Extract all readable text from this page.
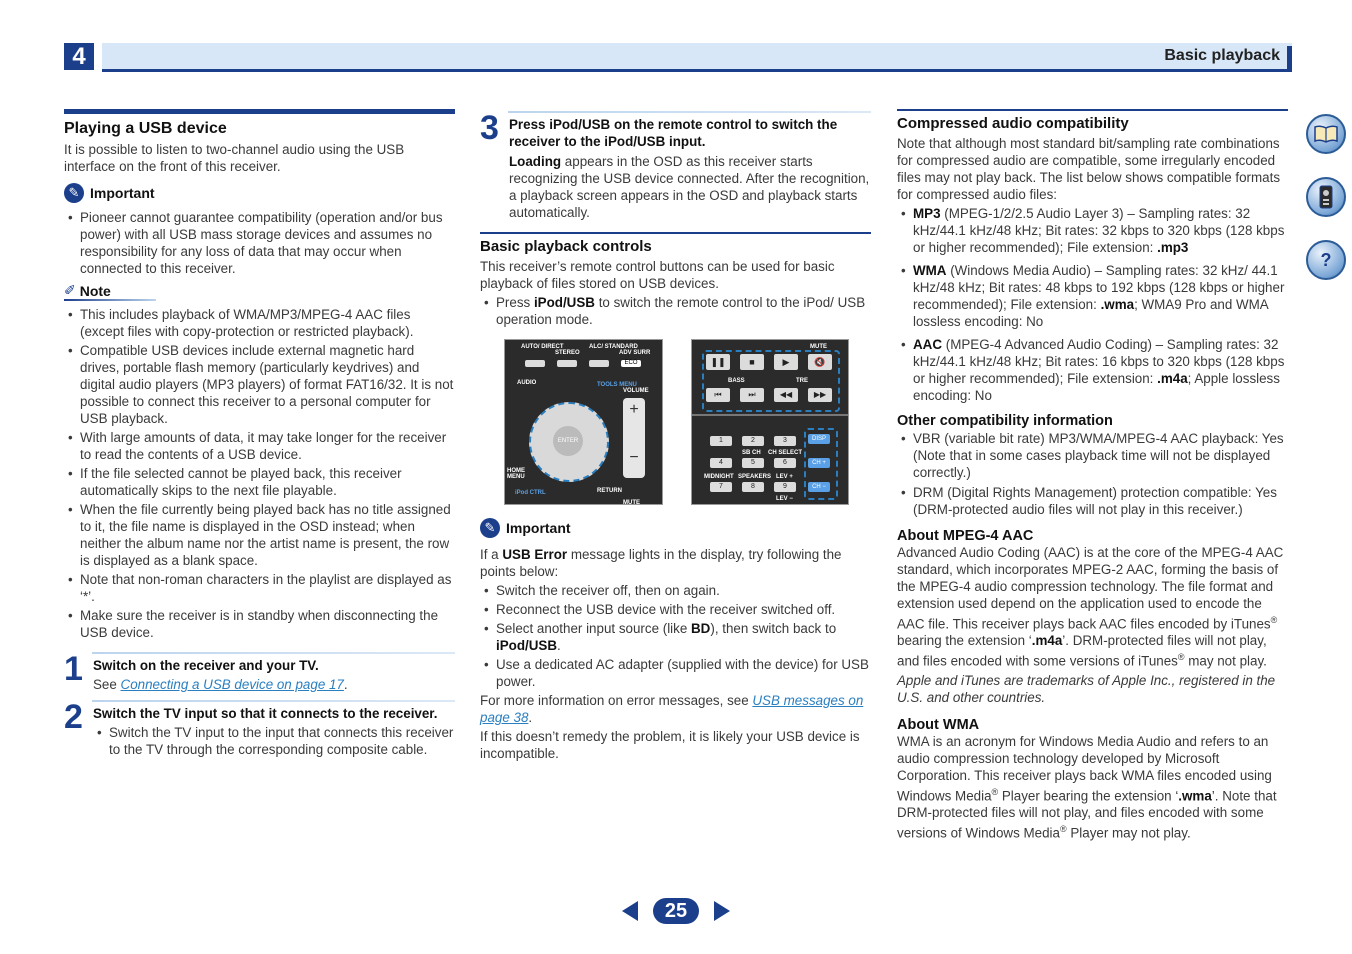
4	Basic playback
Playing a USB device

It is possible to listen to two-channel audio using the USB interface on the front of this receiver.

✎ Important
• Pioneer cannot guarantee compatibility (operation and/or bus power) with all USB mass storage devices and assumes no responsibility for any loss of data that may occur when connected to this receiver.
✐ Note
• This includes playback of WMA/MP3/MPEG-4 AAC files (except files with copy-protection or restricted playback).
• Compatible USB devices include external magnetic hard drives, portable flash memory (particularly keydrives) and digital audio players (MP3 players) of format FAT16/32. It is not possible to connect this receiver to a personal computer for USB playback.
• With large amounts of data, it may take longer for the receiver to read the contents of a USB device.
• If the file selected cannot be played back, this receiver automatically skips to the next file playable.
• When the file currently being played back has no title assigned to it, the file name is displayed in the OSD instead; when neither the album name nor the artist name is present, the row is displayed as a blank space.
• Note that non-roman characters in the playlist are displayed as ‘*’.
• Make sure the receiver is in standby when disconnecting the USB device.
1 Switch on the receiver and your TV.
See Connecting a USB device on page 17.
2 Switch the TV input so that it connects to the receiver.
• Switch the TV input to the input that connects this receiver to the TV through the corresponding composite cable.
3 Press iPod/USB on the remote control to switch the receiver to the iPod/USB input.
Loading appears in the OSD as this receiver starts recognizing the USB device connected. After the recognition, a playback screen appears in the OSD and playback starts automatically.
Basic playback controls

This receiver’s remote control buttons can be used for basic playback of files stored on USB devices.

• Press iPod/USB to switch the remote control to the iPod/ USB operation mode.
AUTO/ DIRECT
STEREO
ALC/ STANDARD
ADV SURR
ECO
AUDIO	TOOLS MENU
VOLUME
+

−
ENTER
HOME MENU
RETURN
MUTE
iPod CTRL
MUTE
❚❚	■	▶	🔇
BASS	TRE
⏮	⏭	◀◀	▶▶
1	2	3
SB CH CH SELECT
4	5	6
MIDNIGHT SPEAKERS LEV +
7	8	9
LEV −
DISP
CH +
CH −
✎ Important

If a USB Error message lights in the display, try following the points below:

• Switch the receiver off, then on again.
• Reconnect the USB device with the receiver switched off.
• Select another input source (like BD), then switch back to iPod/USB.
• Use a dedicated AC adapter (supplied with the device) for USB power.

For more information on error messages, see USB messages on page 38.

If this doesn’t remedy the problem, it is likely your USB device is incompatible.

Compressed audio compatibility

Note that although most standard bit/sampling rate combinations for compressed audio are compatible, some irregularly encoded files may not play back. The list below shows compatible formats for compressed audio files:

• MP3 (MPEG-1/2/2.5 Audio Layer 3) – Sampling rates: 32 kHz/44.1 kHz/48 kHz; Bit rates: 32 kbps to 320 kbps (128 kbps or higher recommended); File extension: .mp3
• WMA (Windows Media Audio) – Sampling rates: 32 kHz/ 44.1 kHz/48 kHz; Bit rates: 48 kbps to 192 kbps (128 kbps or higher recommended); File extension: .wma; WMA9 Pro and WMA lossless encoding: No
• AAC (MPEG-4 Advanced Audio Coding) – Sampling rates: 32 kHz/44.1 kHz/48 kHz; Bit rates: 16 kbps to 320 kbps (128 kbps or higher recommended); File extension: .m4a; Apple lossless encoding: No
Other compatibility information
• VBR (variable bit rate) MP3/WMA/MPEG-4 AAC playback: Yes (Note that in some cases playback time will not be displayed correctly.)
• DRM (Digital Rights Management) protection compatible: Yes (DRM-protected audio files will not play in this receiver.)
About MPEG-4 AAC

Advanced Audio Coding (AAC) is at the core of the MPEG-4 AAC standard, which incorporates MPEG-2 AAC, forming the basis of the MPEG-4 audio compression technology. The file format and extension used depend on the application used to encode the AAC file. This receiver plays back AAC files encoded by iTunes® bearing the extension ‘.m4a’. DRM-protected files will not play, and files encoded with some versions of iTunes® may not play.

Apple and iTunes are trademarks of Apple Inc., registered in the U.S. and other countries.

About WMA

WMA is an acronym for Windows Media Audio and refers to an audio compression technology developed by Microsoft Corporation. This receiver plays back WMA files encoded using Windows Media® Player bearing the extension ‘.wma’. Note that DRM-protected files will not play, and files encoded with some versions of Windows Media® Player may not play.

?
25
